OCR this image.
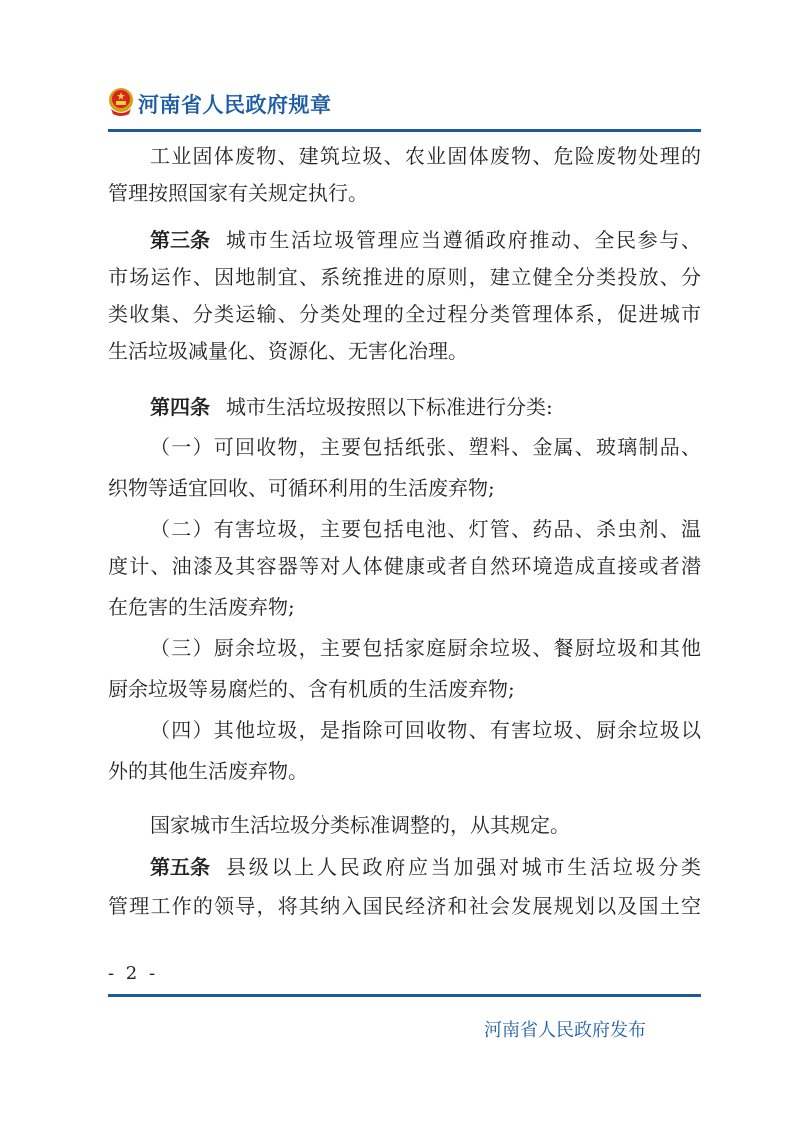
河南省人民政府规章
工业固体废物、建筑垃圾、农业固体废物、危险废物处理的
管理按照国家有关规定执行。
第三条 城市生活垃圾管理应当遵循政府推动、全民参与、
市场运作、因地制宜、系统推进的原则，建立健全分类投放、分
类收集、分类运输、分类处理的全过程分类管理体系，促进城市
生活垃圾减量化、资源化、无害化治理。
第四条 城市生活垃圾按照以下标准进行分类:
（一）可回收物，主要包括纸张、塑料、金属、玻璃制品、
织物等适宜回收、可循环利用的生活废弃物;
（二）有害垃圾，主要包括电池、灯管、药品、杀虫剂、温
度计、油漆及其容器等对人体健康或者自然环境造成直接或者潜
在危害的生活废弃物;
（三）厨余垃圾，主要包括家庭厨余垃圾、餐厨垃圾和其他
厨余垃圾等易腐烂的、含有机质的生活废弃物;
（四）其他垃圾，是指除可回收物、有害垃圾、厨余垃圾以
外的其他生活废弃物。
国家城市生活垃圾分类标准调整的，从其规定。
第五条 县级以上人民政府应当加强对城市生活垃圾分类
管理工作的领导，将其纳入国民经济和社会发展规划以及国土空
- 2 -
河南省人民政府发布
